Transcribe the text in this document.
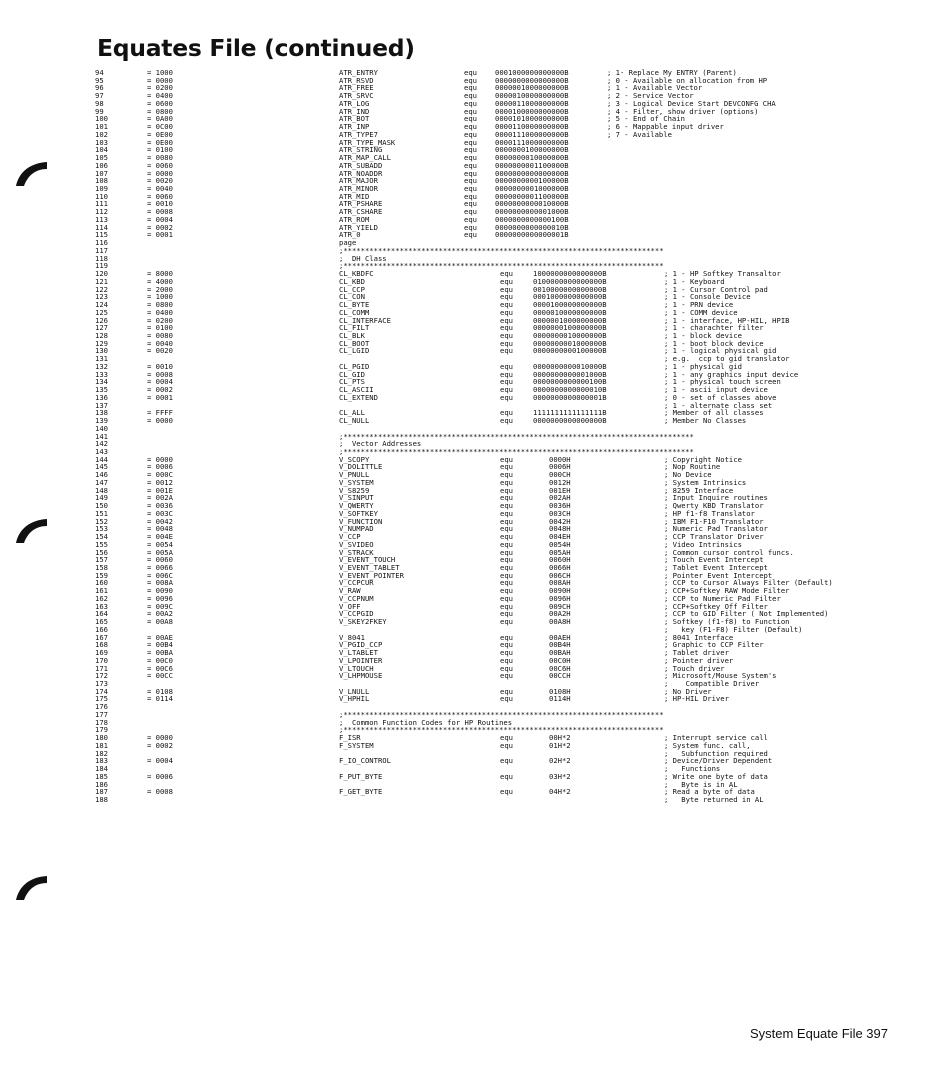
Equates File (continued)
94	= 1000	ATR_ENTRY	equ	0001000000000000B	; 1- Replace My ENTRY (Parent)
95	= 0000	ATR_RSVD	equ	0000000000000000B	; 0 - Available on allocation from HP
96	= 0200	ATR_FREE	equ	0000001000000000B	; 1 - Available Vector
97	= 0400	ATR_SRVC	equ	0000010000000000B	; 2 - Service Vector
98	= 0600	ATR_LOG	equ	0000011000000000B	; 3 - Logical Device Start DEVCONFG CHA
99	= 0800	ATR_IND	equ	0000100000000000B	; 4 - Filter, show driver (options)
100	= 0A00	ATR_BOT	equ	0000101000000000B	; 5 - End of Chain
101	= 0C00	ATR_INP	equ	0000110000000000B	; 6 - Mappable input driver
102	= 0E00	ATR_TYPE7	equ	0000111000000000B	; 7 - Available
103	= 0E00	ATR_TYPE_MASK	equ	0000111000000000B
104	= 0100	ATR_STRING	equ	0000000100000000B
105	= 0080	ATR_MAP_CALL	equ	0000000010000000B
106	= 0060	ATR_SUBADD	equ	0000000001100000B
107	= 0000	ATR_NOADDR	equ	0000000000000000B
108	= 0020	ATR_MAJOR	equ	0000000000100000B
109	= 0040	ATR_MINOR	equ	0000000001000000B
110	= 0060	ATR_MID	equ	0000000001100000B
111	= 0010	ATR_PSHARE	equ	0000000000010000B
112	= 0008	ATR_CSHARE	equ	0000000000001000B
113	= 0004	ATR_ROM	equ	0000000000000100B
114	= 0002	ATR_YIELD	equ	0000000000000010B
115	= 0001	ATR_0	equ	0000000000000001B
116	page
117	;**************************************************************************
118	;  DH Class
119	;**************************************************************************
120	= 8000	CL_KBDFC	equ	1000000000000000B	; 1 - HP Softkey Transaltor
121	= 4000	CL_KBD	equ	0100000000000000B	; 1 - Keyboard
122	= 2000	CL_CCP	equ	0010000000000000B	; 1 - Cursor Control pad
123	= 1000	CL_CON	equ	0001000000000000B	; 1 - Console Device
124	= 0800	CL_BYTE	equ	0000100000000000B	; 1 - PRN device
125	= 0400	CL_COMM	equ	0000010000000000B	; 1 - COMM device
126	= 0200	CL_INTERFACE	equ	0000001000000000B	; 1 - interface, HP-HIL, HPIB
127	= 0100	CL_FILT	equ	0000000100000000B	; 1 - charachter filter
128	= 0080	CL_BLK	equ	0000000010000000B	; 1 - block device
129	= 0040	CL_BOOT	equ	0000000001000000B	; 1 - boot block device
130	= 0020	CL_LGID	equ	0000000000100000B	; 1 - logical physical gid
131	; e.g.  ccp to gid translator
132	= 0010	CL_PGID	equ	0000000000010000B	; 1 - physical gid
133	= 0008	CL_GID	equ	0000000000001000B	; 1 - any graphics input device
134	= 0004	CL_PTS	equ	0000000000000100B	; 1 - physical touch screen
135	= 0002	CL_ASCII	equ	0000000000000010B	; 1 - ascii input device
136	= 0001	CL_EXTEND	equ	0000000000000001B	; 0 - set of classes above
137	; 1 - alternate class set
138	= FFFF	CL_ALL	equ	1111111111111111B	; Member of all classes
139	= 0000	CL_NULL	equ	0000000000000000B	; Member No Classes
140
141	;*********************************************************************************
142	;  Vector Addresses
143	;*********************************************************************************
144	= 0000	V_SCOPY	equ	0000H	; Copyright Notice
145	= 0006	V_DOLITTLE	equ	0006H	; Nop Routine
146	= 000C	V_PNULL	equ	000CH	; No Device
147	= 0012	V_SYSTEM	equ	0012H	; System Intrinsics
148	= 001E	V_S8259	equ	001EH	; 8259 Interface
149	= 002A	V_SINPUT	equ	002AH	; Input Inquire routines
150	= 0036	V_QWERTY	equ	0036H	; Qwerty KBD Translator
151	= 003C	V_SOFTKEY	equ	003CH	; HP f1-f8 Translator
152	= 0042	V_FUNCTION	equ	0042H	; IBM F1-F10 Translator
153	= 0048	V_NUMPAD	equ	0048H	; Numeric Pad Translator
154	= 004E	V_CCP	equ	004EH	; CCP Translator Driver
155	= 0054	V_SVIDEO	equ	0054H	; Video Intrinsics
156	= 005A	V_STRACK	equ	005AH	; Common cursor control funcs.
157	= 0060	V_EVENT_TOUCH	equ	0060H	; Touch Event Intercept
158	= 0066	V_EVENT_TABLET	equ	0066H	; Tablet Event Intercept
159	= 006C	V_EVENT_POINTER	equ	006CH	; Pointer Event Intercept
160	= 008A	V_CCPCUR	equ	008AH	; CCP to Cursor Always Filter (Default)
161	= 0090	V_RAW	equ	0090H	; CCP+Softkey RAW Mode Filter
162	= 0096	V_CCPNUM	equ	0096H	; CCP to Numeric Pad Filter
163	= 009C	V_OFF	equ	009CH	; CCP+Softkey Off Filter
164	= 00A2	V_CCPGID	equ	00A2H	; CCP to GID Filter ( Not Implemented)
165	= 00A8	V_SKEY2FKEY	equ	00A8H	; Softkey (f1-f8) to Function
166	;   key (F1-F8) Filter (Default)
167	= 00AE	V_8041	equ	00AEH	; 8041 Interface
168	= 00B4	V_PGID_CCP	equ	00B4H	; Graphic to CCP Filter
169	= 00BA	V_LTABLET	equ	00BAH	; Tablet driver
170	= 00C0	V_LPOINTER	equ	00C0H	; Pointer driver
171	= 00C6	V_LTOUCH	equ	00C6H	; Touch driver
172	= 00CC	V_LHPMOUSE	equ	00CCH	; Microsoft/Mouse System's
173	;    Compatible Driver
174	= 0108	V_LNULL	equ	0108H	; No Driver
175	= 0114	V_HPHIL	equ	0114H	; HP-HIL Driver
176
177	;**************************************************************************
178	;  Common Function Codes for HP Routines
179	;**************************************************************************
180	= 0000	F_ISR	equ	00H*2	; Interrupt service call
181	= 0002	F_SYSTEM	equ	01H*2	; System func. call,
182	;   Subfunction required
183	= 0004	F_IO_CONTROL	equ	02H*2	; Device/Driver Dependent
184	;   Functions
185	= 0006	F_PUT_BYTE	equ	03H*2	; Write one byte of data
186	;   Byte is in AL
187	= 0008	F_GET_BYTE	equ	04H*2	; Read a byte of data
188	;   Byte returned in AL

System Equate File 397
